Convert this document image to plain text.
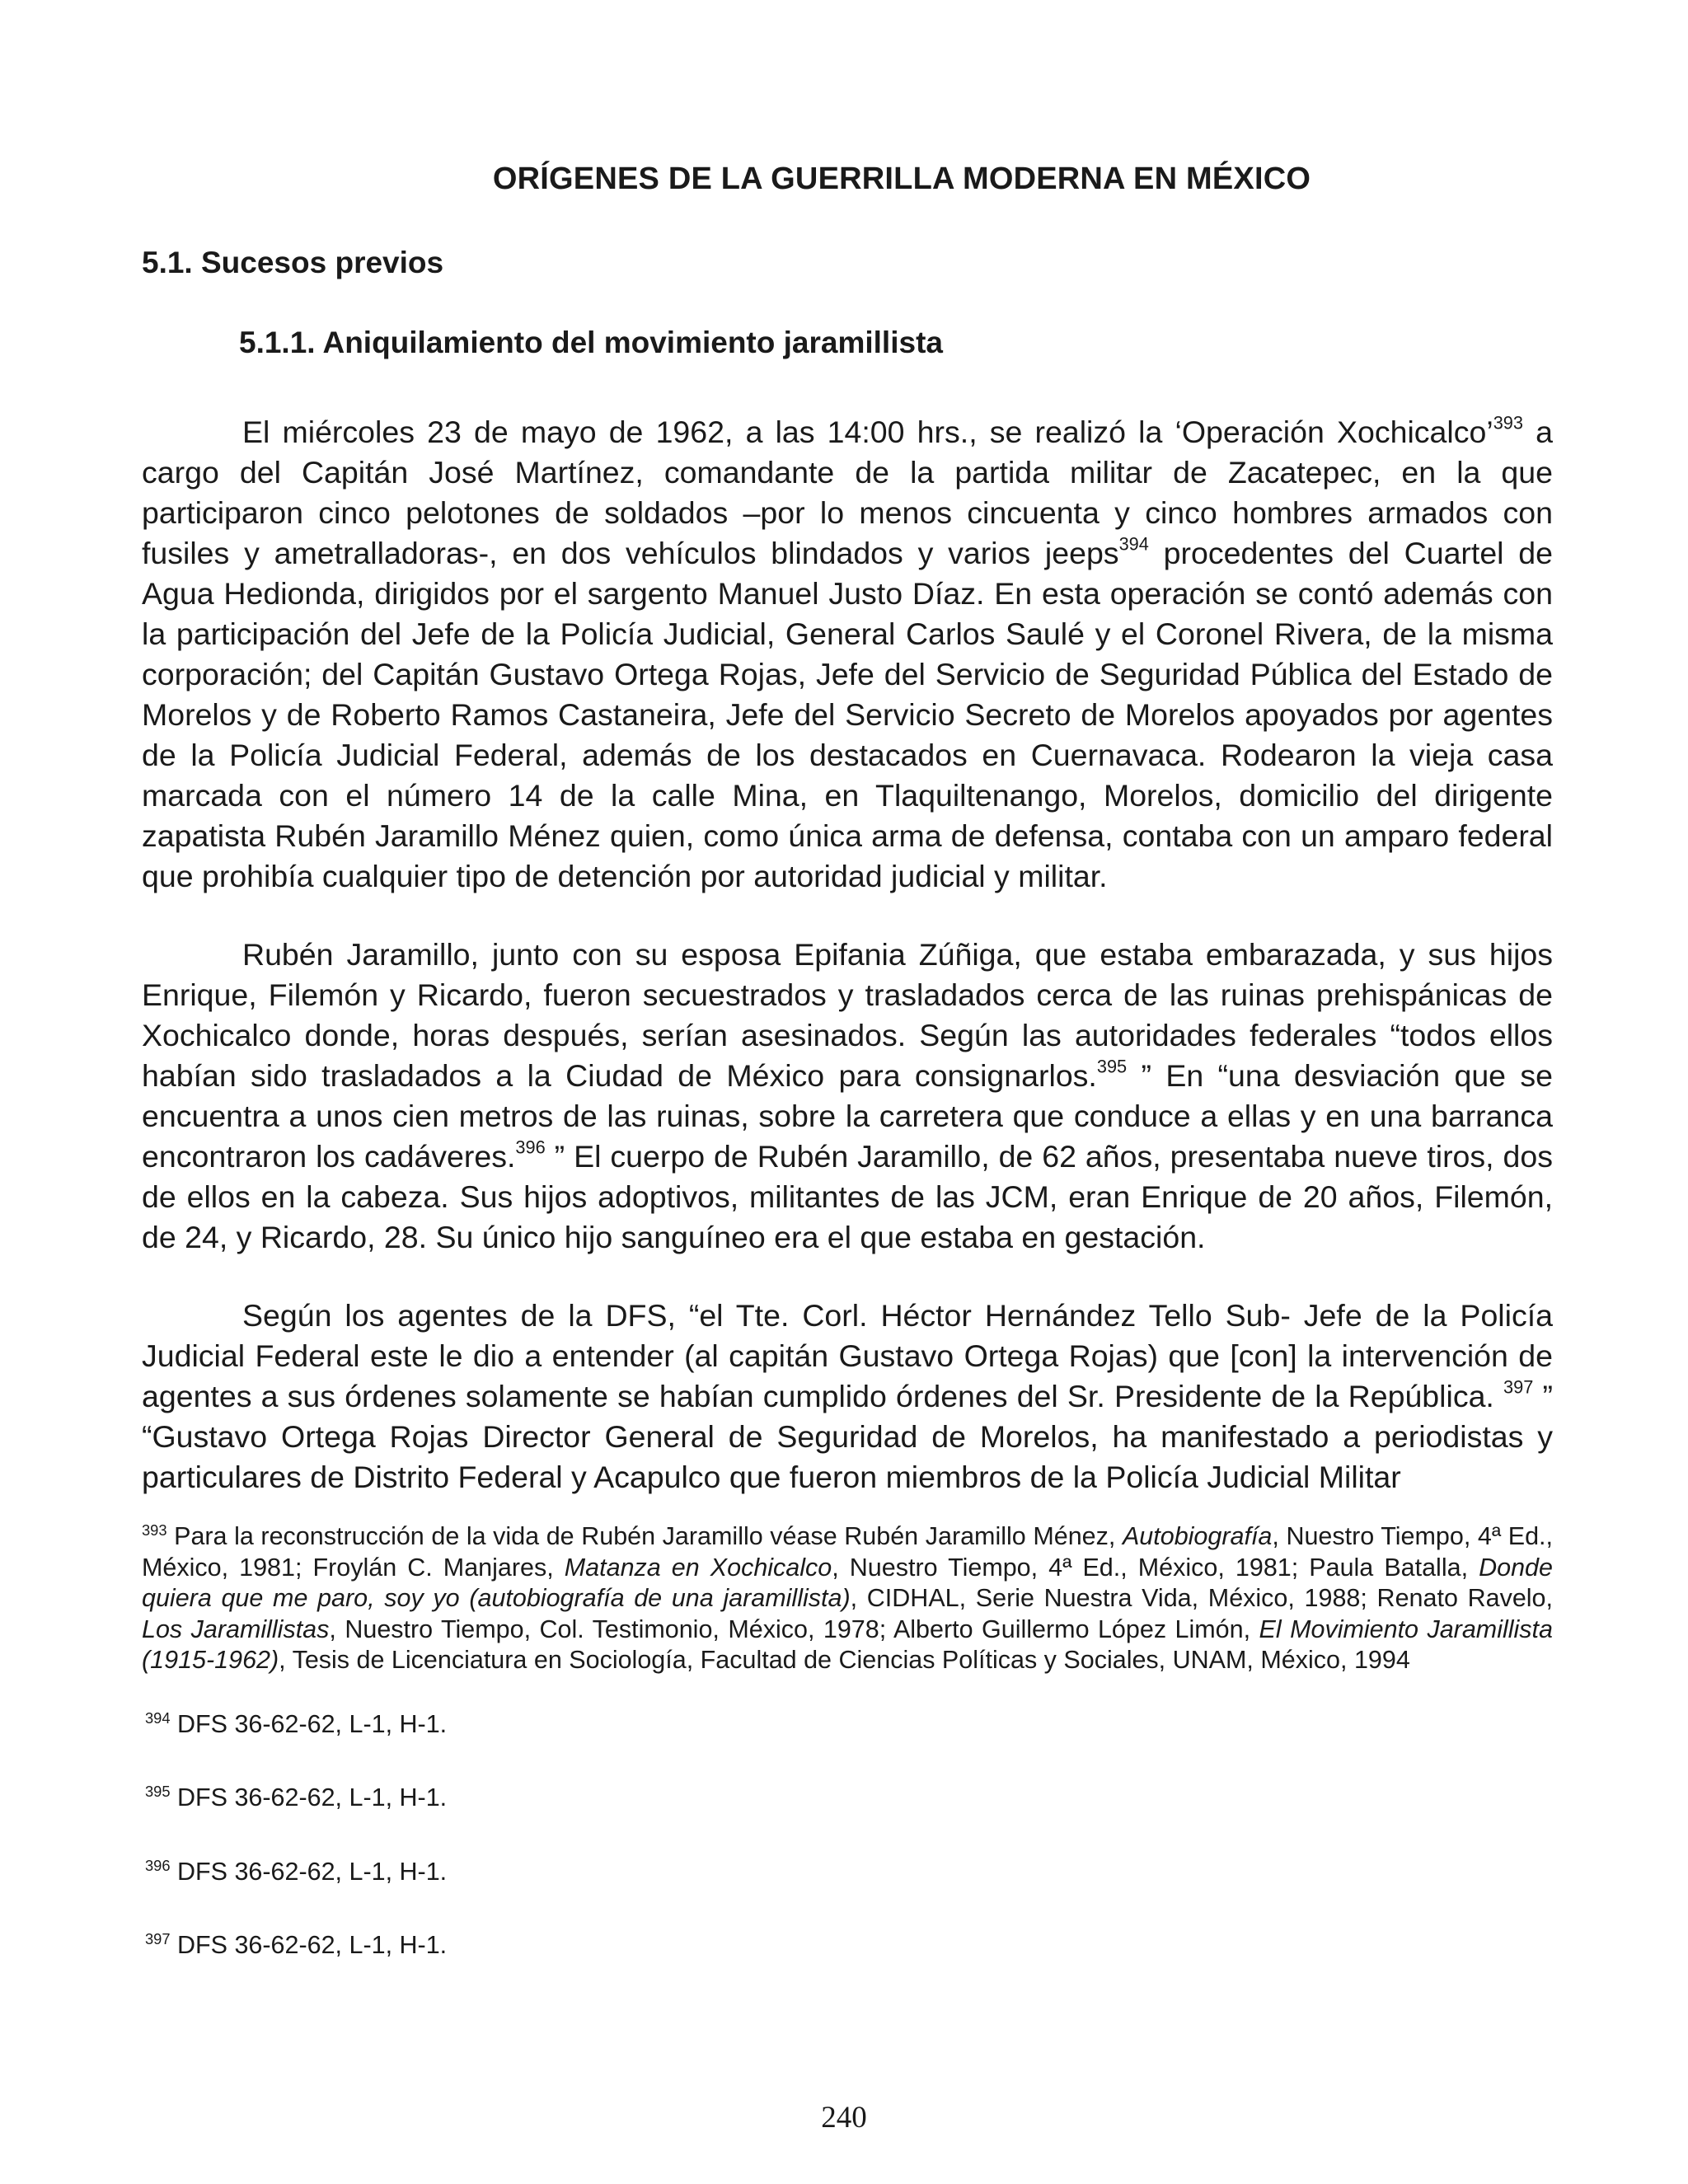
ORÍGENES DE LA GUERRILLA MODERNA EN MÉXICO
5.1. Sucesos previos
5.1.1. Aniquilamiento del movimiento jaramillista

El miércoles 23 de mayo de 1962, a las 14:00 hrs., se realizó la ‘Operación Xochicalco’$^{393}$ a cargo del Capitán José Martínez, comandante de la partida militar de Zacatepec, en la que participaron cinco pelotones de soldados –por lo menos cincuenta y cinco hombres armados con fusiles y ametralladoras-, en dos vehículos blindados y varios jeeps$^{394}$ procedentes del Cuartel de Agua Hedionda, dirigidos por el sargento Manuel Justo Díaz. En esta operación se contó además con la participación del Jefe de la Policía Judicial, General Carlos Saulé y el Coronel Rivera, de la misma corporación; del Capitán Gustavo Ortega Rojas, Jefe del Servicio de Seguridad Pública del Estado de Morelos y de Roberto Ramos Castaneira, Jefe del Servicio Secreto de Morelos apoyados por agentes de la Policía Judicial Federal, además de los destacados en Cuernavaca. Rodearon la vieja casa marcada con el número 14 de la calle Mina, en Tlaquiltenango, Morelos, domicilio del dirigente zapatista Rubén Jaramillo Ménez quien, como única arma de defensa, contaba con un amparo federal que prohibía cualquier tipo de detención por autoridad judicial y militar.

Rubén Jaramillo, junto con su esposa Epifania Zúñiga, que estaba embarazada, y sus hijos Enrique, Filemón y Ricardo, fueron secuestrados y trasladados cerca de las ruinas prehispánicas de Xochicalco donde, horas después, serían asesinados. Según las autoridades federales “todos ellos habían sido trasladados a la Ciudad de México para consignarlos.$^{395}$ ” En “una desviación que se encuentra a unos cien metros de las ruinas, sobre la carretera que conduce a ellas y en una barranca encontraron los cadáveres.$^{396}$ ” El cuerpo de Rubén Jaramillo, de 62 años, presentaba nueve tiros, dos de ellos en la cabeza. Sus hijos adoptivos, militantes de las JCM, eran Enrique de 20 años, Filemón, de 24, y Ricardo, 28. Su único hijo sanguíneo era el que estaba en gestación.

Según los agentes de la DFS, “el Tte. Corl. Héctor Hernández Tello Sub- Jefe de la Policía Judicial Federal este le dio a entender (al capitán Gustavo Ortega Rojas) que [con] la intervención de agentes a sus órdenes solamente se habían cumplido órdenes del Sr. Presidente de la República. $^{397}$ ” “Gustavo Ortega Rojas Director General de Seguridad de Morelos, ha manifestado a periodistas y particulares de Distrito Federal y Acapulco que fueron miembros de la Policía Judicial Militar

$^{393}$ Para la reconstrucción de la vida de Rubén Jaramillo véase Rubén Jaramillo Ménez, Autobiografía, Nuestro Tiempo, 4ª Ed., México, 1981; Froylán C. Manjares, Matanza en Xochicalco, Nuestro Tiempo, 4ª Ed., México, 1981; Paula Batalla, Donde quiera que me paro, soy yo (autobiografía de una jaramillista), CIDHAL, Serie Nuestra Vida, México, 1988; Renato Ravelo, Los Jaramillistas, Nuestro Tiempo, Col. Testimonio, México, 1978; Alberto Guillermo López Limón, El Movimiento Jaramillista (1915-1962), Tesis de Licenciatura en Sociología, Facultad de Ciencias Políticas y Sociales, UNAM, México, 1994
$^{394}$ DFS 36-62-62, L-1, H-1.
$^{395}$ DFS 36-62-62, L-1, H-1.
$^{396}$ DFS 36-62-62, L-1, H-1.
$^{397}$ DFS 36-62-62, L-1, H-1.
240
